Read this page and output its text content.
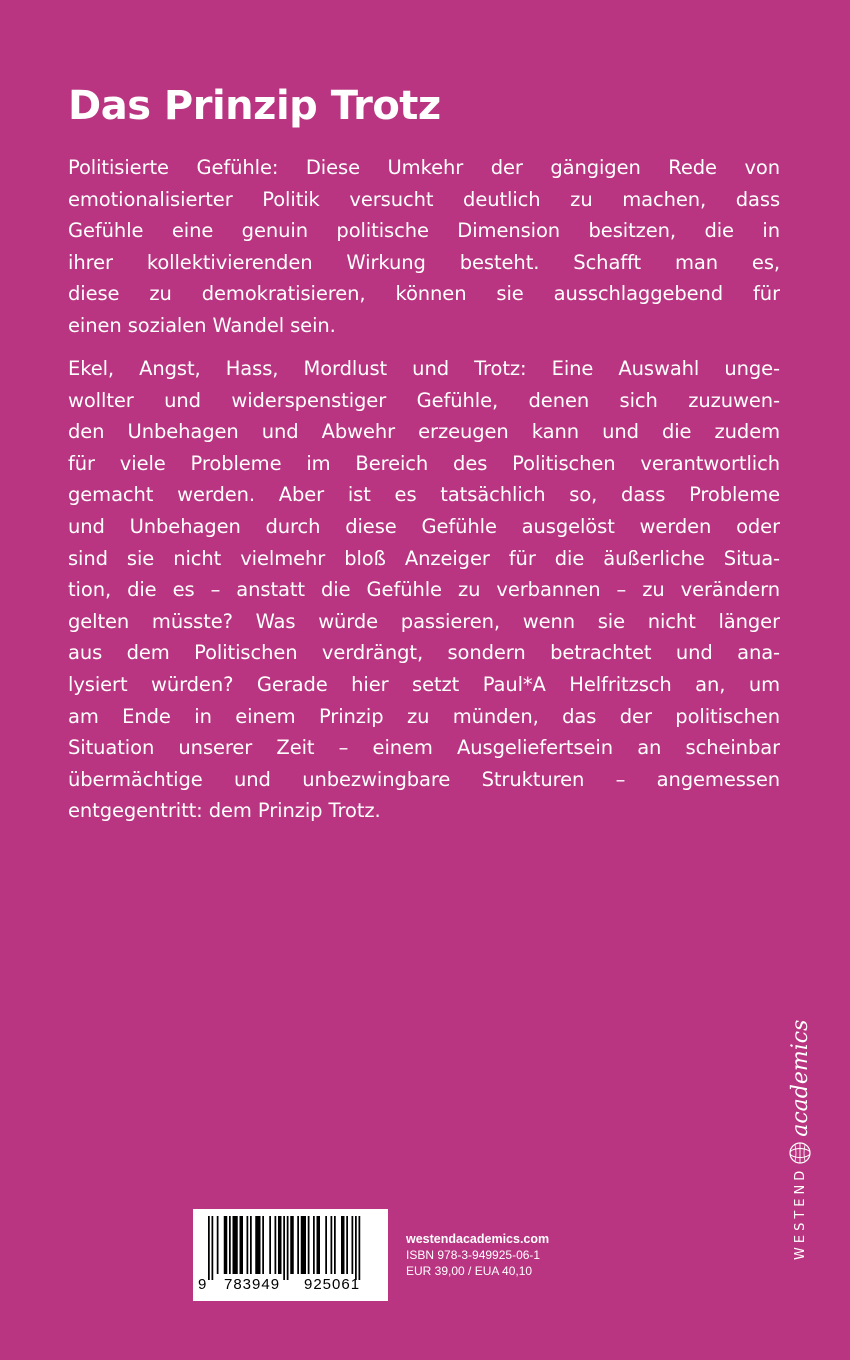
Das Prinzip Trotz
Politisierte Gefühle: Diese Umkehr der gängigen Rede von
emotionalisierter Politik versucht deutlich zu machen, dass
Gefühle eine genuin politische Dimension besitzen, die in
ihrer kollektivierenden Wirkung besteht. Schafft man es,
diese zu demokratisieren, können sie ausschlaggebend für
einen sozialen Wandel sein.
Ekel, Angst, Hass, Mordlust und Trotz: Eine Auswahl unge-
wollter und widerspenstiger Gefühle, denen sich zuzuwen-
den Unbehagen und Abwehr erzeugen kann und die zudem
für viele Probleme im Bereich des Politischen verantwortlich
gemacht werden. Aber ist es tatsächlich so, dass Probleme
und Unbehagen durch diese Gefühle ausgelöst werden oder
sind sie nicht vielmehr bloß Anzeiger für die äußerliche Situa-
tion, die es – anstatt die Gefühle zu verbannen – zu verändern
gelten müsste? Was würde passieren, wenn sie nicht länger
aus dem Politischen verdrängt, sondern betrachtet und ana-
lysiert würden? Gerade hier setzt Paul*A Helfritzsch an, um
am Ende in einem Prinzip zu münden, das der politischen
Situation unserer Zeit – einem Ausgeliefertsein an scheinbar
übermächtige und unbezwingbare Strukturen – angemessen
entgegentritt: dem Prinzip Trotz.
WESTEND
academics
9 783949 925061
westendacademics.com
ISBN 978-3-949925-06-1
EUR 39,00 / EUA 40,10
